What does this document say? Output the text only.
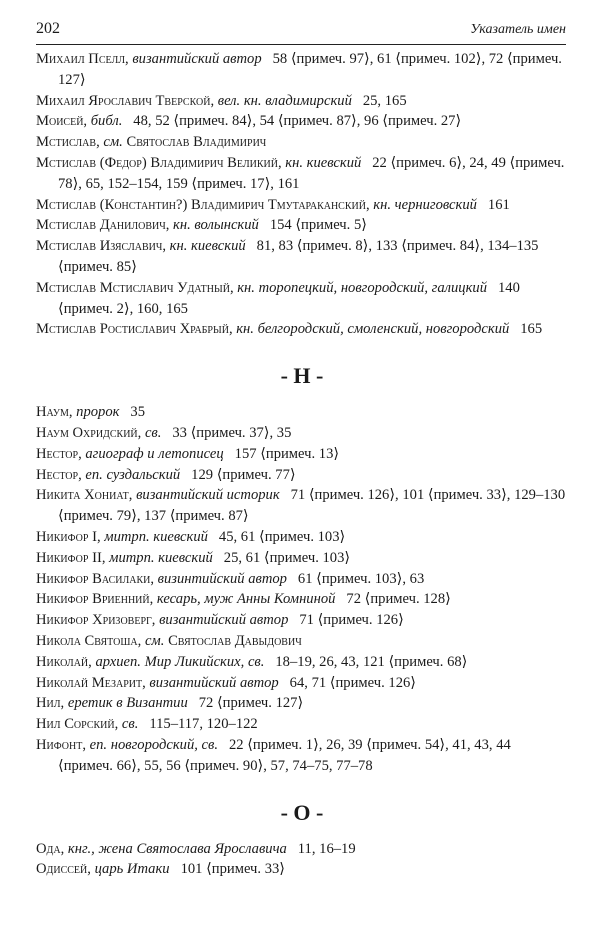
202	Указатель имен
Михаил Пселл, византийский автор  58 ⟨примеч. 97⟩, 61 ⟨примеч. 102⟩, 72 ⟨примеч. 127⟩
Михаил Ярославич Тверской, вел. кн. владимирский  25, 165
Моисей, библ.  48, 52 ⟨примеч. 84⟩, 54 ⟨примеч. 87⟩, 96 ⟨примеч. 27⟩
Мстислав, см. Святослав Владимирич
Мстислав (Федор) Владимирич Великий, кн. киевский  22 ⟨примеч. 6⟩, 24, 49 ⟨примеч. 78⟩, 65, 152–154, 159 ⟨примеч. 17⟩, 161
Мстислав (Константин?) Владимирич Тмутараканский, кн. черниговский  161
Мстислав Данилович, кн. волынский  154 ⟨примеч. 5⟩
Мстислав Изяславич, кн. киевский  81, 83 ⟨примеч. 8⟩, 133 ⟨примеч. 84⟩, 134–135 ⟨примеч. 85⟩
Мстислав Мстиславич Удатный, кн. торопецкий, новгородский, галицкий  140 ⟨примеч. 2⟩, 160, 165
Мстислав Ростиславич Храбрый, кн. белгородский, смоленский, новгородский  165
- Н -
Наум, пророк  35
Наум Охридский, св.  33 ⟨примеч. 37⟩, 35
Нестор, агиограф и летописец  157 ⟨примеч. 13⟩
Нестор, еп. суздальский  129 ⟨примеч. 77⟩
Никита Хониат, византийский историк  71 ⟨примеч. 126⟩, 101 ⟨примеч. 33⟩, 129–130 ⟨примеч. 79⟩, 137 ⟨примеч. 87⟩
Никифор I, митрп. киевский  45, 61 ⟨примеч. 103⟩
Никифор II, митрп. киевский  25, 61 ⟨примеч. 103⟩
Никифор Василаки, визинтийский автор  61 ⟨примеч. 103⟩, 63
Никифор Вриенний, кесарь, муж Анны Комниной  72 ⟨примеч. 128⟩
Никифор Хризоверг, византийский автор  71 ⟨примеч. 126⟩
Никола Святоша, см. Святослав Давыдович
Николай, архиеп. Мир Ликийских, св.  18–19, 26, 43, 121 ⟨примеч. 68⟩
Николай Мезарит, византийский автор  64, 71 ⟨примеч. 126⟩
Нил, еретик в Византии  72 ⟨примеч. 127⟩
Нил Сорский, св.  115–117, 120–122
Нифонт, еп. новгородский, св.  22 ⟨примеч. 1⟩, 26, 39 ⟨примеч. 54⟩, 41, 43, 44 ⟨примеч. 66⟩, 55, 56 ⟨примеч. 90⟩, 57, 74–75, 77–78
- О -
Ода, кнг., жена Святослава Ярославича  11, 16–19
Одиссей, царь Итаки  101 ⟨примеч. 33⟩
